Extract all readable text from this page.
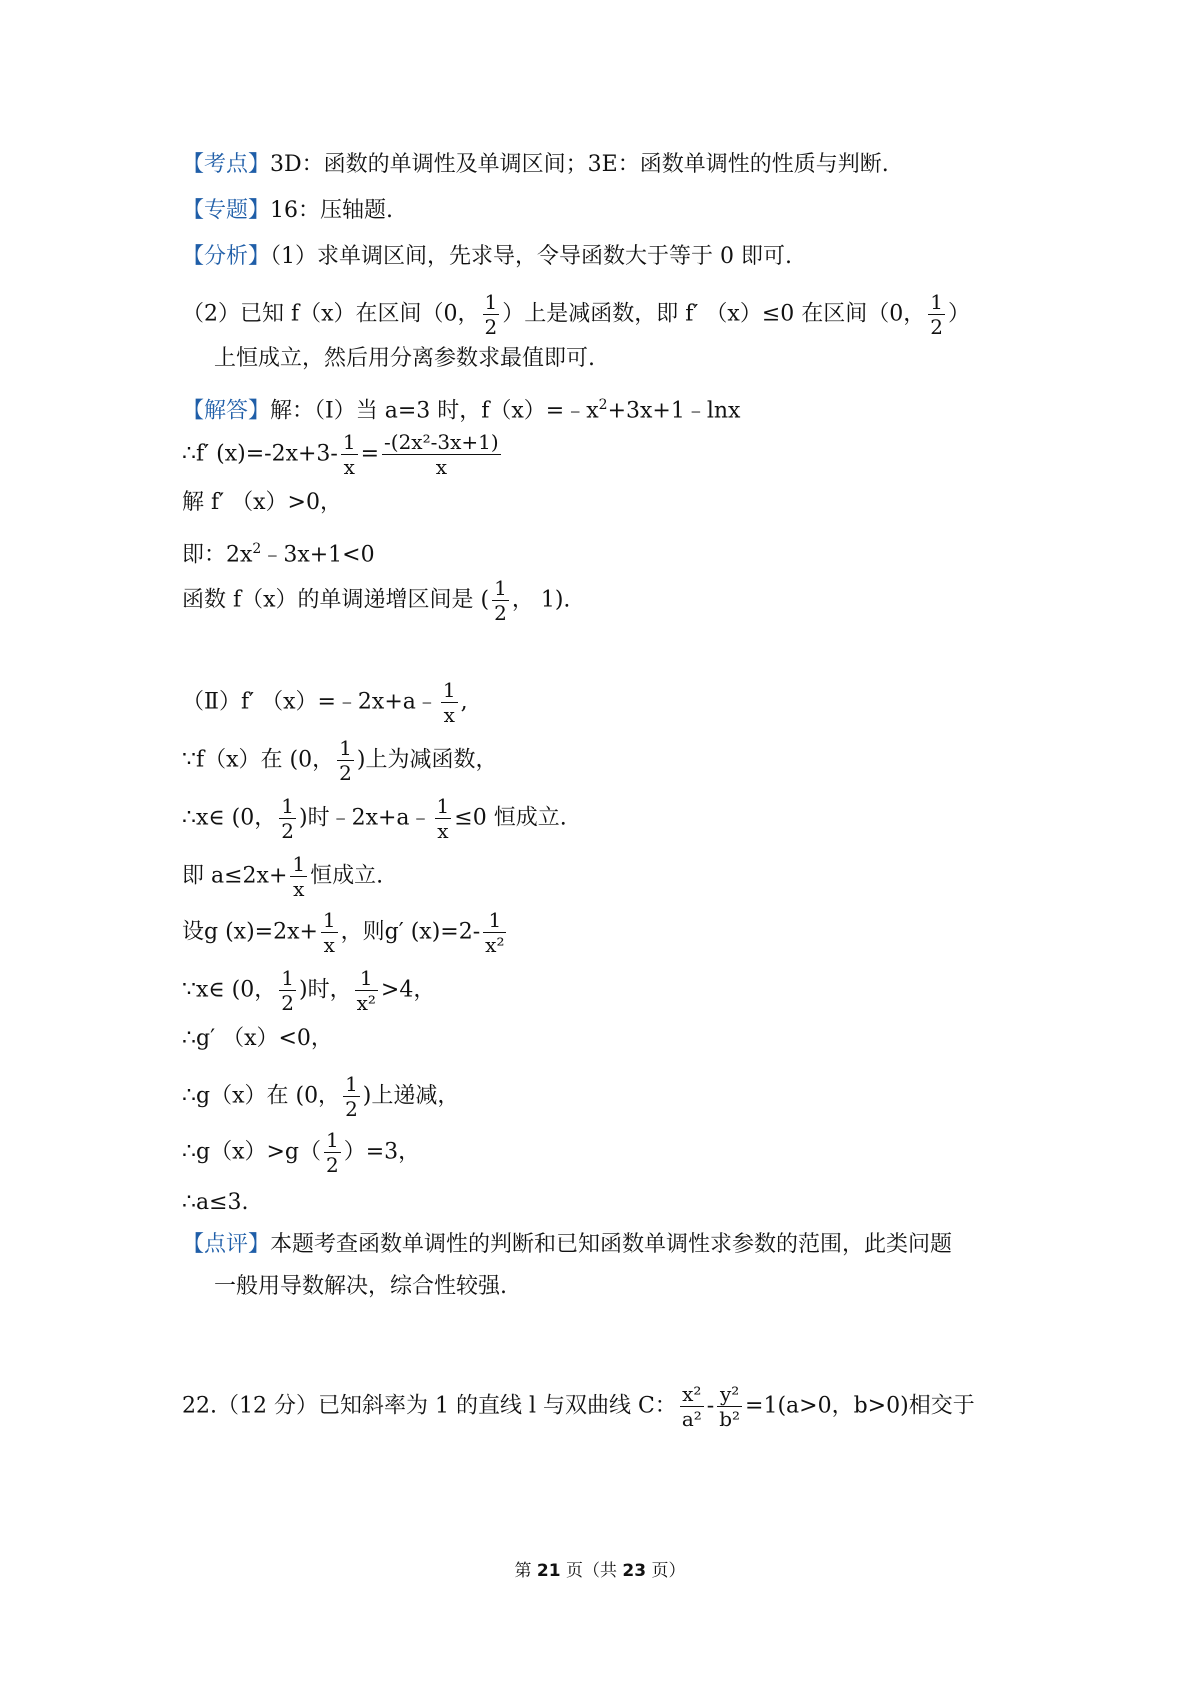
【考点】3D：函数的单调性及单调区间；3E：函数单调性的性质与判断.
【专题】16：压轴题.
【分析】（1）求单调区间，先求导，令导函数大于等于 0 即可.
（2）已知 f（x）在区间（0， $\frac{1}{2}$ ）上是减函数，即 f′ （x）≤0 在区间（0， $\frac{1}{2}$ ）
上恒成立，然后用分离参数求最值即可.
【解答】解：（Ⅰ）当 a=3 时，$f(x)=﹣x^2+3x+1﹣\ln x$
∴f′ $(x)=-2x+3- \frac{1}{x} = \frac{\text{-(2x²-3x+1)}}{x}$
解 f′ （x）>0，
即：$2x^2﹣3x+1<0$
函数 f（x）的单调递增区间是 ( $\frac{1}{2}$ ， 1).
（Ⅱ）f′ （x）=﹣2x+a﹣ $\frac{1}{x}$ ,
∵f（x）在 (0， $\frac{1}{2}$ )上为减函数，
∴x∈ (0， $\frac{1}{2}$ )时﹣2x+a﹣ $\frac{1}{x} \le 0$ 恒成立.
即 $a\le 2x+ \frac{1}{x}$ 恒成立.
设g $(x)=2x+ \frac{1}{x}$ ，则g′ $(x)=2- \frac{1}{\text{x²}}$
∵x∈ (0， $\frac{1}{2}$ )时， $\frac{1}{\text{x²}} >4$，
∴g′ （x）<0，
∴g（x）在 (0， $\frac{1}{2}$ )上递减，
∴g（x）>g（ $\frac{1}{2} )=3$，
∴a≤3.
【点评】本题考查函数单调性的判断和已知函数单调性求参数的范围，此类问题
一般用导数解决，综合性较强.
22.（12 分）已知斜率为 1 的直线 l 与双曲线 C： $\frac{\text{x²}}{\text{a²}} - \frac{\text{y²}}{\text{b²}} =1(a>0$，b>0)相交于
第 21 页（共 23 页）
